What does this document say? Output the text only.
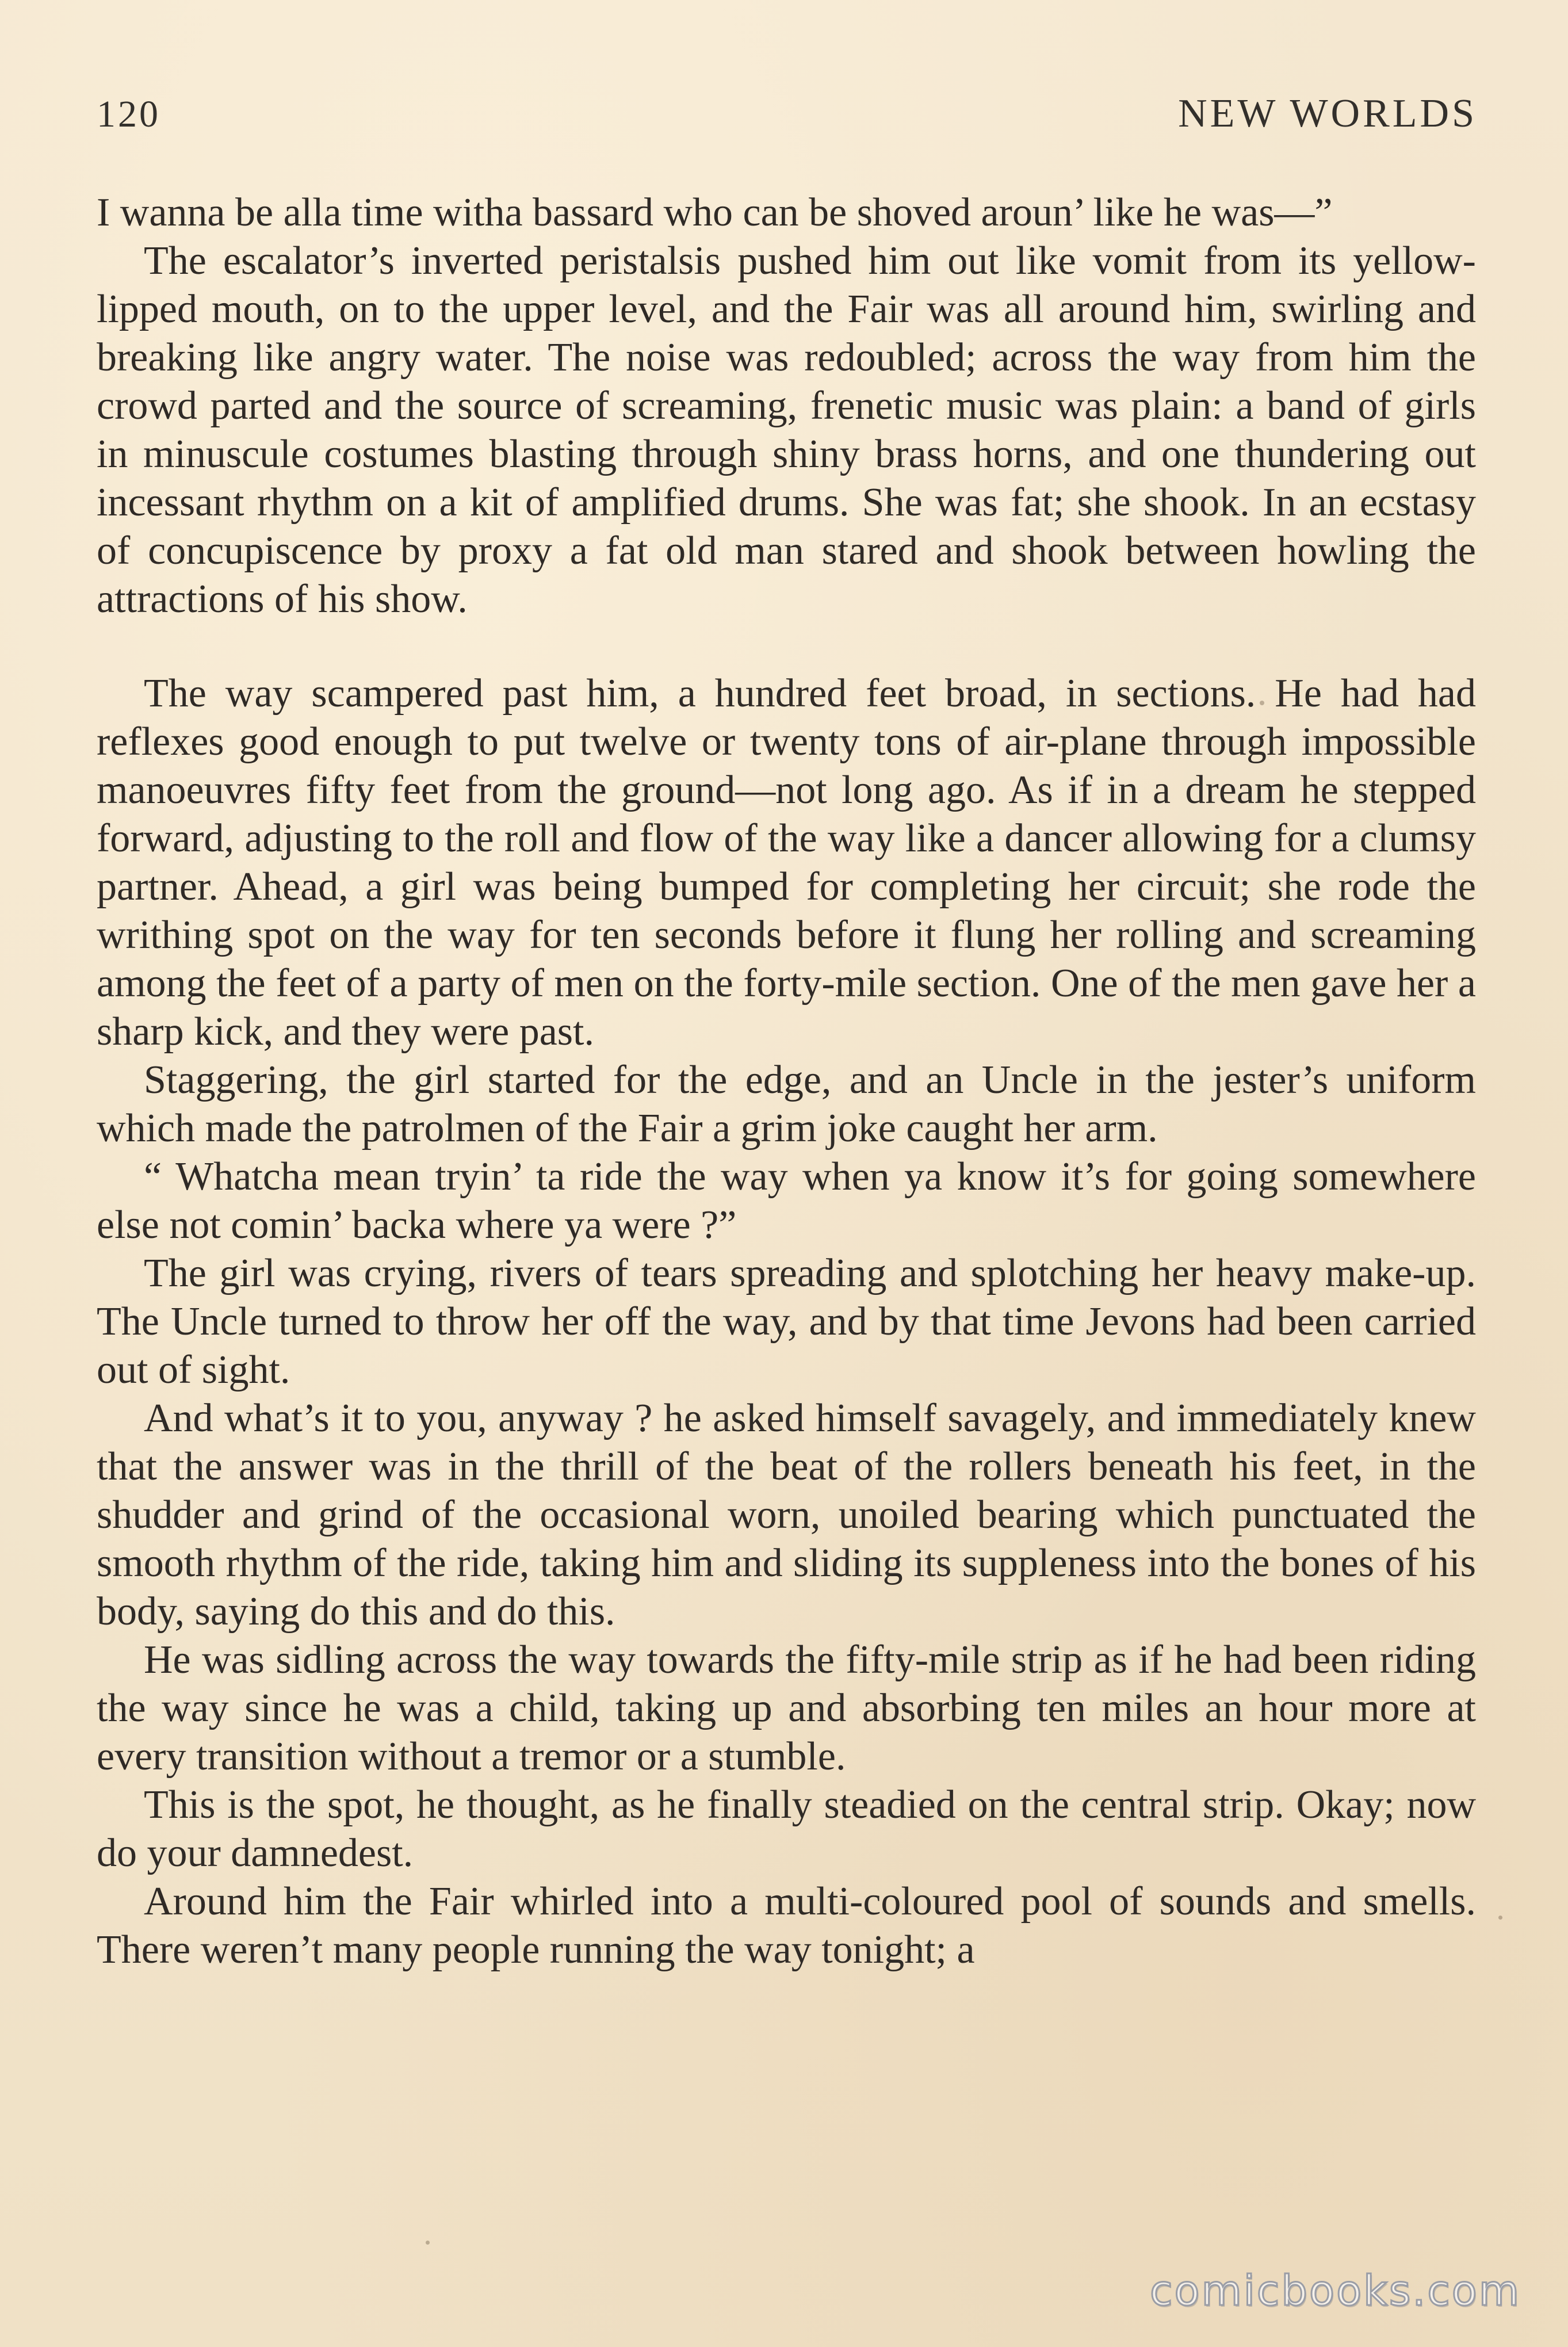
120	NEW WORLDS

I wanna be alla time witha bassard who can be shoved aroun’ like he was—”

The escalator’s inverted peristalsis pushed him out like vomit from its yellow-lipped mouth, on to the upper level, and the Fair was all around him, swirling and breaking like angry water. The noise was redoubled; across the way from him the crowd parted and the source of screaming, frenetic music was plain: a band of girls in minuscule costumes blasting through shiny brass horns, and one thundering out incessant rhythm on a kit of amplified drums. She was fat; she shook. In an ecstasy of concupiscence by proxy a fat old man stared and shook between howling the attractions of his show.

The way scampered past him, a hundred feet broad, in sections. He had had reflexes good enough to put twelve or twenty tons of air-plane through impossible manoeuvres fifty feet from the ground—not long ago. As if in a dream he stepped forward, adjusting to the roll and flow of the way like a dancer allowing for a clumsy partner. Ahead, a girl was being bumped for completing her circuit; she rode the writhing spot on the way for ten seconds before it flung her rolling and screaming among the feet of a party of men on the forty-mile section. One of the men gave her a sharp kick, and they were past.

Staggering, the girl started for the edge, and an Uncle in the jester’s uniform which made the patrolmen of the Fair a grim joke caught her arm.

“ Whatcha mean tryin’ ta ride the way when ya know it’s for going somewhere else not comin’ backa where ya were ?”

The girl was crying, rivers of tears spreading and splotching her heavy make-up. The Uncle turned to throw her off the way, and by that time Jevons had been carried out of sight.

And what’s it to you, anyway ? he asked himself savagely, and immediately knew that the answer was in the thrill of the beat of the rollers beneath his feet, in the shudder and grind of the occasional worn, unoiled bearing which punctuated the smooth rhythm of the ride, taking him and sliding its suppleness into the bones of his body, saying do this and do this.

He was sidling across the way towards the fifty-mile strip as if he had been riding the way since he was a child, taking up and absorbing ten miles an hour more at every transition without a tremor or a stumble.

This is the spot, he thought, as he finally steadied on the central strip. Okay; now do your damnedest.

Around him the Fair whirled into a multi-coloured pool of sounds and smells. There weren’t many people running the way tonight; a

comicbooks.com
